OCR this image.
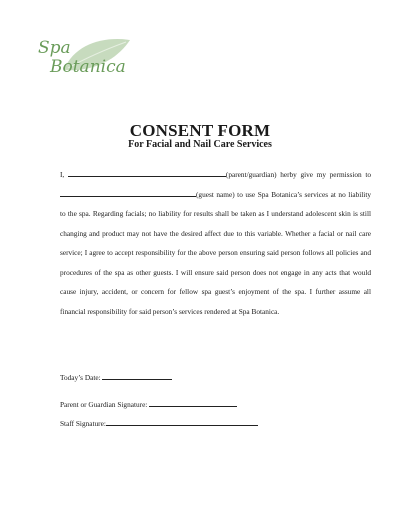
Spa
Botanica
CONSENT FORM
For Facial and Nail Care Services
I,	(parent/guardian) herby give my permission to (guest name) to use Spa Botanica’s services at no liability to the spa. Regarding facials; no liability for results shall be taken as I understand adolescent skin is still changing and product may not have the desired affect due to this variable. Whether a facial or nail care service; I agree to accept responsibility for the above person ensuring said person follows all policies and procedures of the spa as other guests. I will ensure said person does not engage in any acts that would cause injury, accident, or concern for fellow spa guest’s enjoyment of the spa. I further assume all financial responsibility for said person’s services rendered at Spa Botanica.
Today’s Date:
Parent or Guardian Signature:
Staff Signature:
